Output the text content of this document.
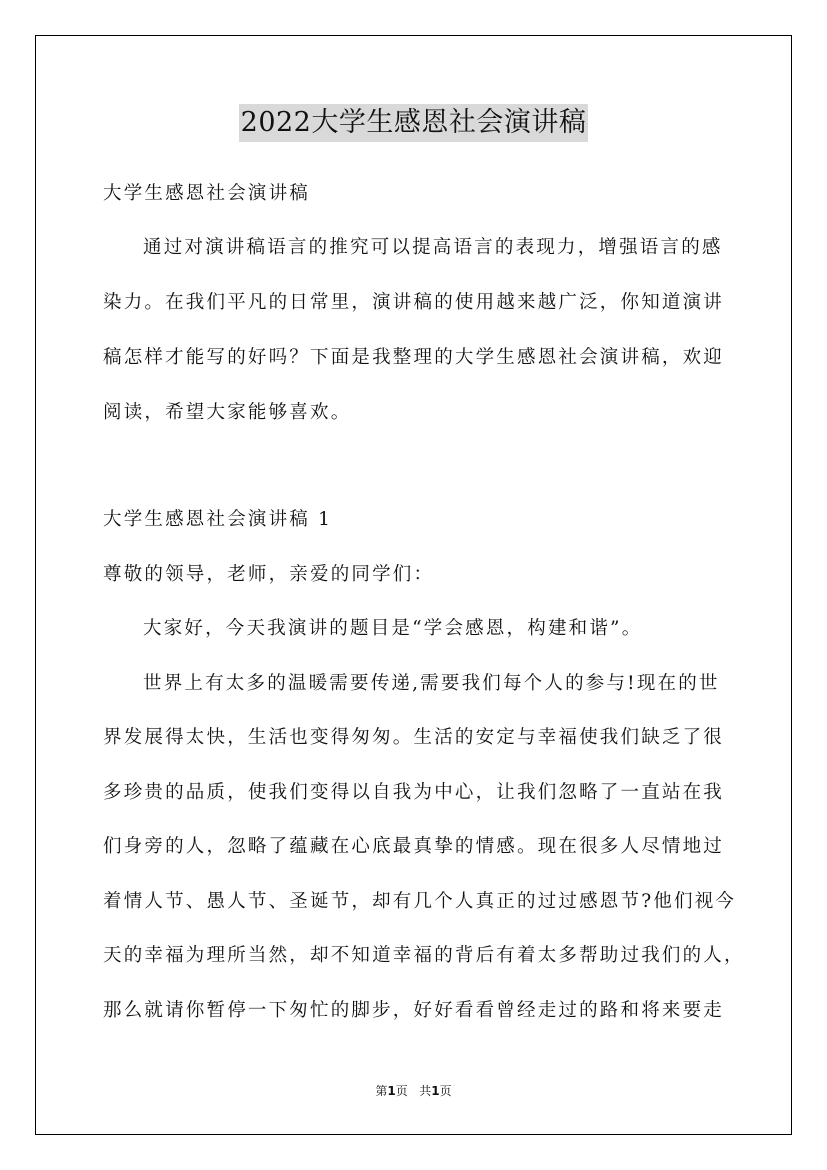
2022大学生感恩社会演讲稿
大学生感恩社会演讲稿
通过对演讲稿语言的推究可以提高语言的表现力，增强语言的感
染力。在我们平凡的日常里，演讲稿的使用越来越广泛，你知道演讲
稿怎样才能写的好吗？下面是我整理的大学生感恩社会演讲稿，欢迎
阅读，希望大家能够喜欢。
大学生感恩社会演讲稿 1
尊敬的领导，老师，亲爱的同学们：
大家好，今天我演讲的题目是“学会感恩，构建和谐”。
世界上有太多的温暖需要传递,需要我们每个人的参与!现在的世
界发展得太快，生活也变得匆匆。生活的安定与幸福使我们缺乏了很
多珍贵的品质，使我们变得以自我为中心，让我们忽略了一直站在我
们身旁的人，忽略了蕴藏在心底最真挚的情感。现在很多人尽情地过
着情人节、愚人节、圣诞节，却有几个人真正的过过感恩节?他们视今
天的幸福为理所当然，却不知道幸福的背后有着太多帮助过我们的人，
那么就请你暂停一下匆忙的脚步，好好看看曾经走过的路和将来要走
第1页 共1页
